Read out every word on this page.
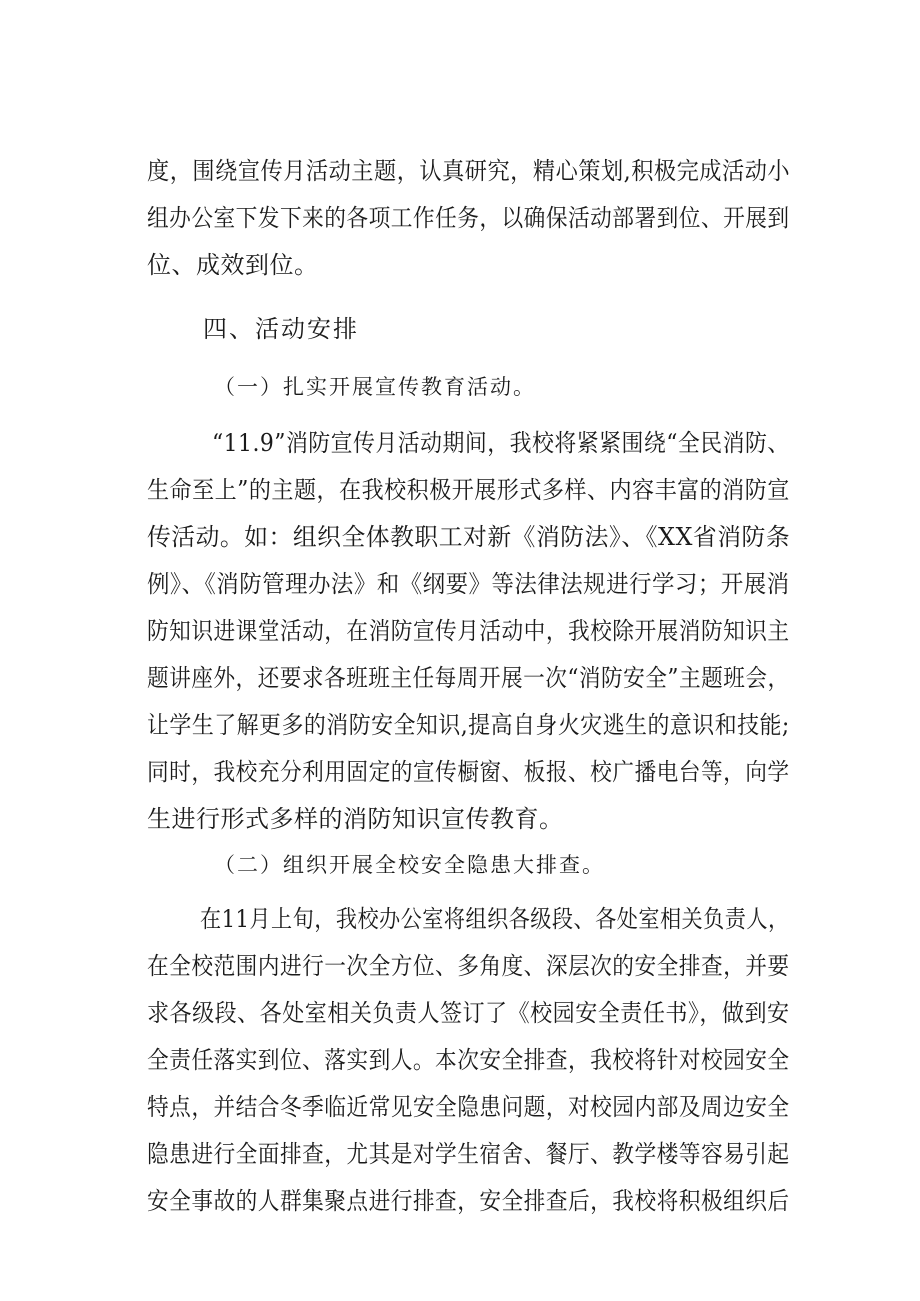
度，围绕宣传月活动主题，认真研究，精心策划,积极完成活动小
组办公室下发下来的各项工作任务，以确保活动部署到位、开展到
位、成效到位。
四、活动安排
（一）扎实开展宣传教育活动。
“11.9”消防宣传月活动期间，我校将紧紧围绕“全民消防、
生命至上”的主题，在我校积极开展形式多样、内容丰富的消防宣
传活动。如：组织全体教职工对新《消防法》、《XX省消防条
例》、《消防管理办法》和《纲要》等法律法规进行学习；开展消
防知识进课堂活动，在消防宣传月活动中，我校除开展消防知识主
题讲座外，还要求各班班主任每周开展一次“消防安全”主题班会，
让学生了解更多的消防安全知识,提高自身火灾逃生的意识和技能;
同时，我校充分利用固定的宣传橱窗、板报、校广播电台等，向学
生进行形式多样的消防知识宣传教育。
（二）组织开展全校安全隐患大排查。
在11月上旬，我校办公室将组织各级段、各处室相关负责人，
在全校范围内进行一次全方位、多角度、深层次的安全排查，并要
求各级段、各处室相关负责人签订了《校园安全责任书》，做到安
全责任落实到位、落实到人。本次安全排查，我校将针对校园安全
特点，并结合冬季临近常见安全隐患问题，对校园内部及周边安全
隐患进行全面排查，尤其是对学生宿舍、餐厅、教学楼等容易引起
安全事故的人群集聚点进行排查，安全排查后，我校将积极组织后
